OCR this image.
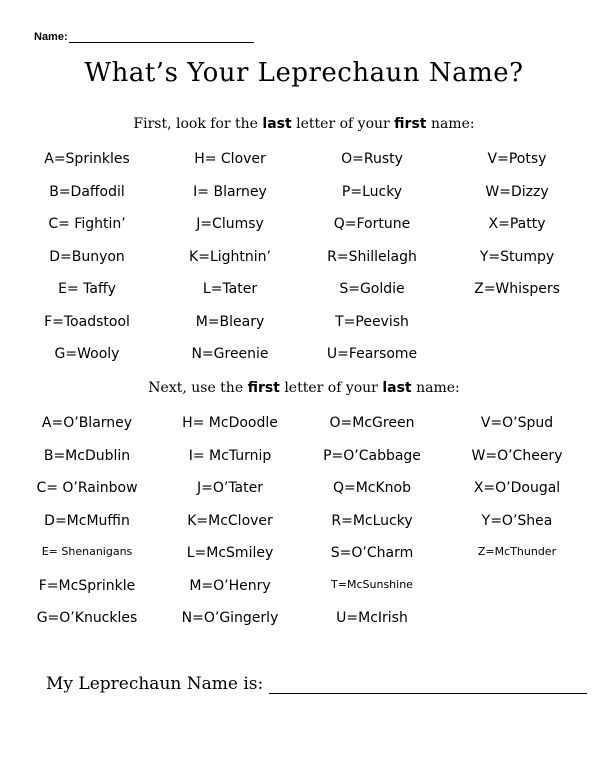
Name:
What’s Your Leprechaun Name?
First, look for the last letter of your first name:
A=Sprinkles	H= Clover	O=Rusty	V=Potsy
B=Daffodil	I= Blarney	P=Lucky	W=Dizzy
C= Fightin’	J=Clumsy	Q=Fortune	X=Patty
D=Bunyon	K=Lightnin’	R=Shillelagh	Y=Stumpy
E= Taffy	L=Tater	S=Goldie	Z=Whispers
F=Toadstool	M=Bleary	T=Peevish
G=Wooly	N=Greenie	U=Fearsome
Next, use the first letter of your last name:
A=O’Blarney	H= McDoodle	O=McGreen	V=O’Spud
B=McDublin	I= McTurnip	P=O’Cabbage	W=O’Cheery
C= O’Rainbow	J=O’Tater	Q=McKnob	X=O’Dougal
D=McMuffin	K=McClover	R=McLucky	Y=O’Shea
E= Shenanigans	L=McSmiley	S=O’Charm	Z=McThunder
F=McSprinkle	M=O’Henry	T=McSunshine
G=O’Knuckles	N=O’Gingerly	U=McIrish
My Leprechaun Name is:
